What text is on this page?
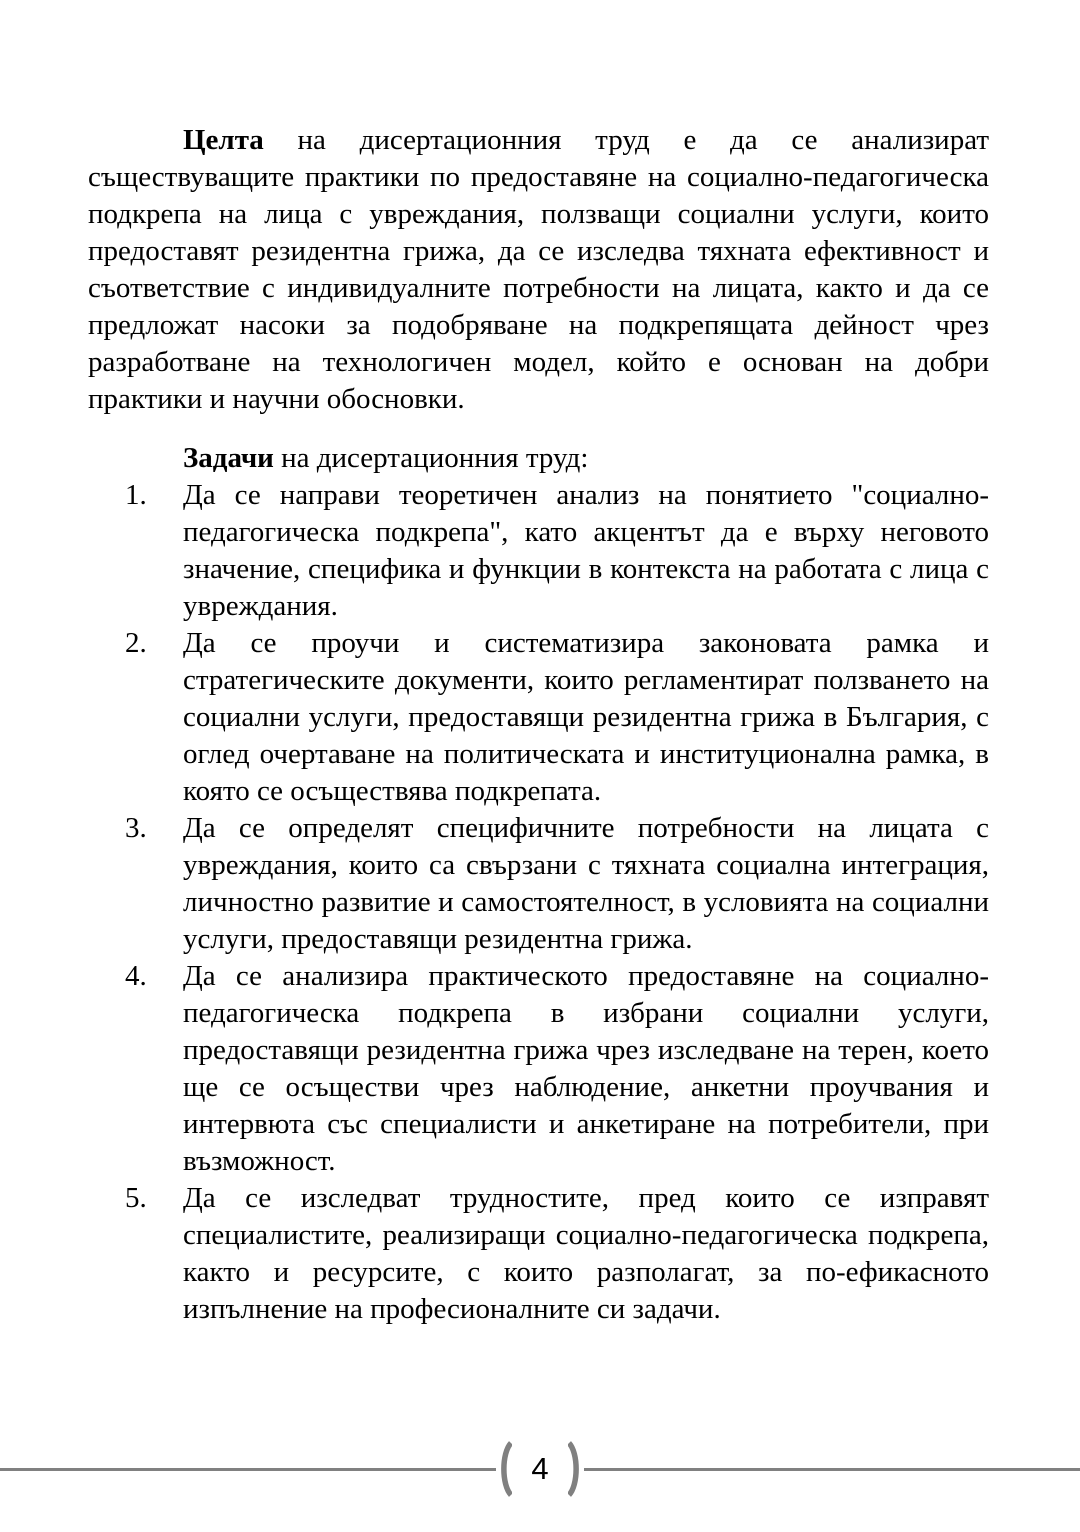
Целта на дисертационния труд е да се анализират съществуващите практики по предоставяне на социално-педагогическа подкрепа на лица с увреждания, ползващи социални услуги, които предоставят резидентна грижа, да се изследва тяхната ефективност и съответствие с индивидуалните потребности на лицата, както и да се предложат насоки за подобряване на подкрепящата дейност чрез разработване на технологичен модел, който е основан на добри практики и научни обосновки.

Задачи на дисертационния труд:

Да се направи теоретичен анализ на понятието "социално-педагогическа подкрепа", като акцентът да е върху неговото значение, специфика и функции в контекста на работата с лица с увреждания.
Да се проучи и систематизира законовата рамка и стратегическите документи, които регламентират ползването на социални услуги, предоставящи резидентна грижа в България, с оглед очертаване на политическата и институционална рамка, в която се осъществява подкрепата.
Да се определят специфичните потребности на лицата с увреждания, които са свързани с тяхната социална интеграция, личностно развитие и самостоятелност, в условията на социални услуги, предоставящи резидентна грижа.
Да се анализира практическото предоставяне на социално-педагогическа подкрепа в избрани социални услуги, предоставящи резидентна грижа чрез изследване на терен, което ще се осъществи чрез наблюдение, анкетни проучвания и интервюта със специалисти и анкетиране на потребители, при възможност.
Да се изследват трудностите, пред които се изправят специалистите, реализиращи социално-педагогическа подкрепа, както и ресурсите, с които разполагат, за по-ефикасното изпълнение на професионалните си задачи.
4
